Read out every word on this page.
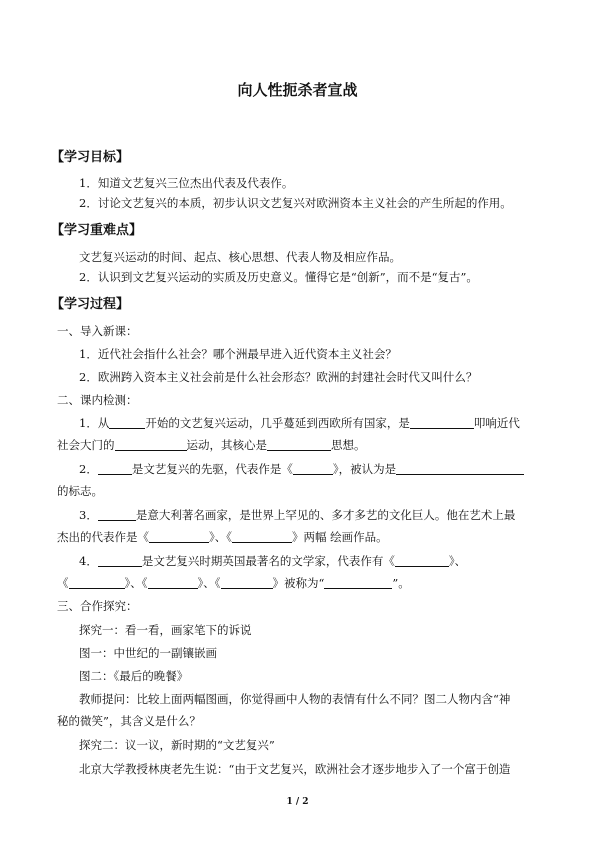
向人性扼杀者宣战
【学习目标】
1．知道文艺复兴三位杰出代表及代表作。
2．讨论文艺复兴的本质，初步认识文艺复兴对欧洲资本主义社会的产生所起的作用。
【学习重难点】
文艺复兴运动的时间、起点、核心思想、代表人物及相应作品。
2．认识到文艺复兴运动的实质及历史意义。懂得它是“创新”，而不是“复古”。
【学习过程】
一、导入新课：
1．近代社会指什么社会？哪个洲最早进入近代资本主义社会？
2．欧洲跨入资本主义社会前是什么社会形态？欧洲的封建社会时代又叫什么？
二、课内检测：
1．从	开始的文艺复兴运动，几乎蔓延到西欧所有国家，是	叩响近代
社会大门的	运动，其核心是	思想。
2．	是文艺复兴的先驱，代表作是《	》，被认为是
的标志。
3．	是意大利著名画家，是世界上罕见的、多才多艺的文化巨人。他在艺术上最
杰出的代表作是《	》、《	》两幅 绘画作品。
4．	是文艺复兴时期英国最著名的文学家，代表作有《	》、
《	》、《	》、《	》被称为“	”。
三、合作探究：
探究一：看一看，画家笔下的诉说
图一：中世纪的一副镶嵌画
图二：《最后的晚餐》
教师提问：比较上面两幅图画，你觉得画中人物的表情有什么不同？图二人物内含“神
秘的微笑”，其含义是什么？
探究二：议一议，新时期的“文艺复兴”
北京大学教授林庚老先生说：“由于文艺复兴，欧洲社会才逐步地步入了一个富于创造
1 / 2
